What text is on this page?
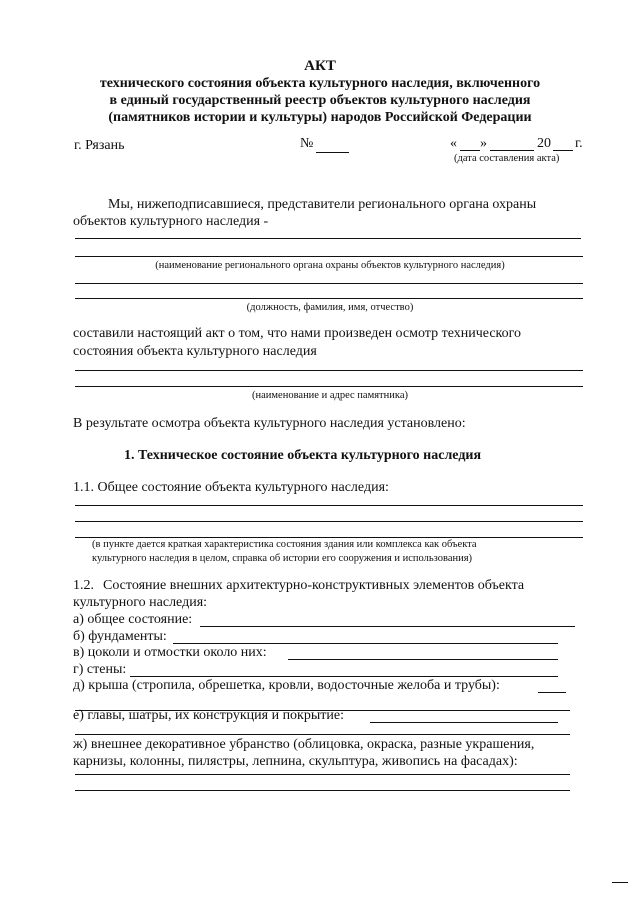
АКТ
технического состояния объекта культурного наследия, включенного
в единый государственный реестр объектов культурного наследия
(памятников истории и культуры) народов Российской Федерации
г. Рязань	№	« »	20 г.
(дата составления акта)
Мы, нижеподписавшиеся, представители регионального органа охраны
объектов культурного наследия -
(наименование регионального органа охраны объектов культурного наследия)
(должность, фамилия, имя, отчество)
составили настоящий акт о том, что нами произведен осмотр технического
состояния объекта культурного наследия
(наименование и адрес памятника)
В результате осмотра объекта культурного наследия установлено:
1. Техническое состояние объекта культурного наследия
1.1. Общее состояние объекта культурного наследия:
(в пункте дается краткая характеристика состояния здания или комплекса как объекта
культурного наследия в целом, справка об истории его сооружения и использования)
1.2. Состояние внешних архитектурно-конструктивных элементов объекта
культурного наследия:
а) общее состояние:
б) фундаменты:
в) цоколи и отмостки около них:
г) стены:
д) крыша (стропила, обрешетка, кровли, водосточные желоба и трубы):
е) главы, шатры, их конструкция и покрытие:
ж) внешнее декоративное убранство (облицовка, окраска, разные украшения,
карнизы, колонны, пилястры, лепнина, скульптура, живопись на фасадах):
